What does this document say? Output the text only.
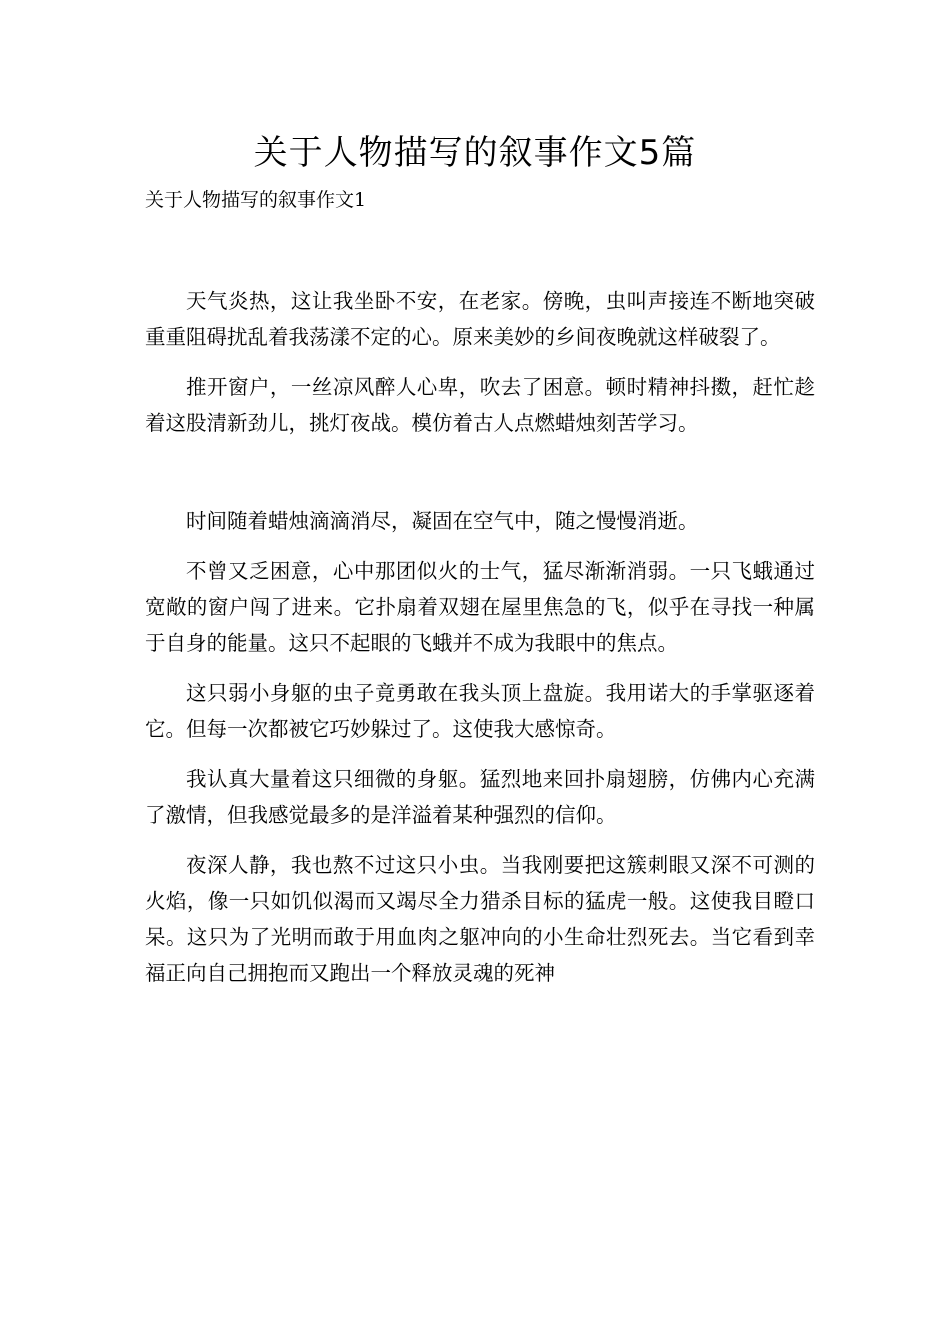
关于人物描写的叙事作文5篇

关于人物描写的叙事作文1

天气炎热，这让我坐卧不安，在老家。傍晚，虫叫声接连不断地突破重重阻碍扰乱着我荡漾不定的心。原来美妙的乡间夜晚就这样破裂了。

推开窗户，一丝凉风醉人心卑，吹去了困意。顿时精神抖擞，赶忙趁着这股清新劲儿，挑灯夜战。模仿着古人点燃蜡烛刻苦学习。

时间随着蜡烛滴滴消尽，凝固在空气中，随之慢慢消逝。

不曾又乏困意，心中那团似火的士气，猛尽渐渐消弱。一只飞蛾通过宽敞的窗户闯了进来。它扑扇着双翅在屋里焦急的飞，似乎在寻找一种属于自身的能量。这只不起眼的飞蛾并不成为我眼中的焦点。

这只弱小身躯的虫子竟勇敢在我头顶上盘旋。我用诺大的手掌驱逐着它。但每一次都被它巧妙躲过了。这使我大感惊奇。

我认真大量着这只细微的身躯。猛烈地来回扑扇翅膀，仿佛内心充满了激情，但我感觉最多的是洋溢着某种强烈的信仰。

夜深人静，我也熬不过这只小虫。当我刚要把这簇刺眼又深不可测的火焰，像一只如饥似渴而又竭尽全力猎杀目标的猛虎一般。这使我目瞪口呆。这只为了光明而敢于用血肉之躯冲向的小生命壮烈死去。当它看到幸福正向自己拥抱而又跑出一个释放灵魂的死神
